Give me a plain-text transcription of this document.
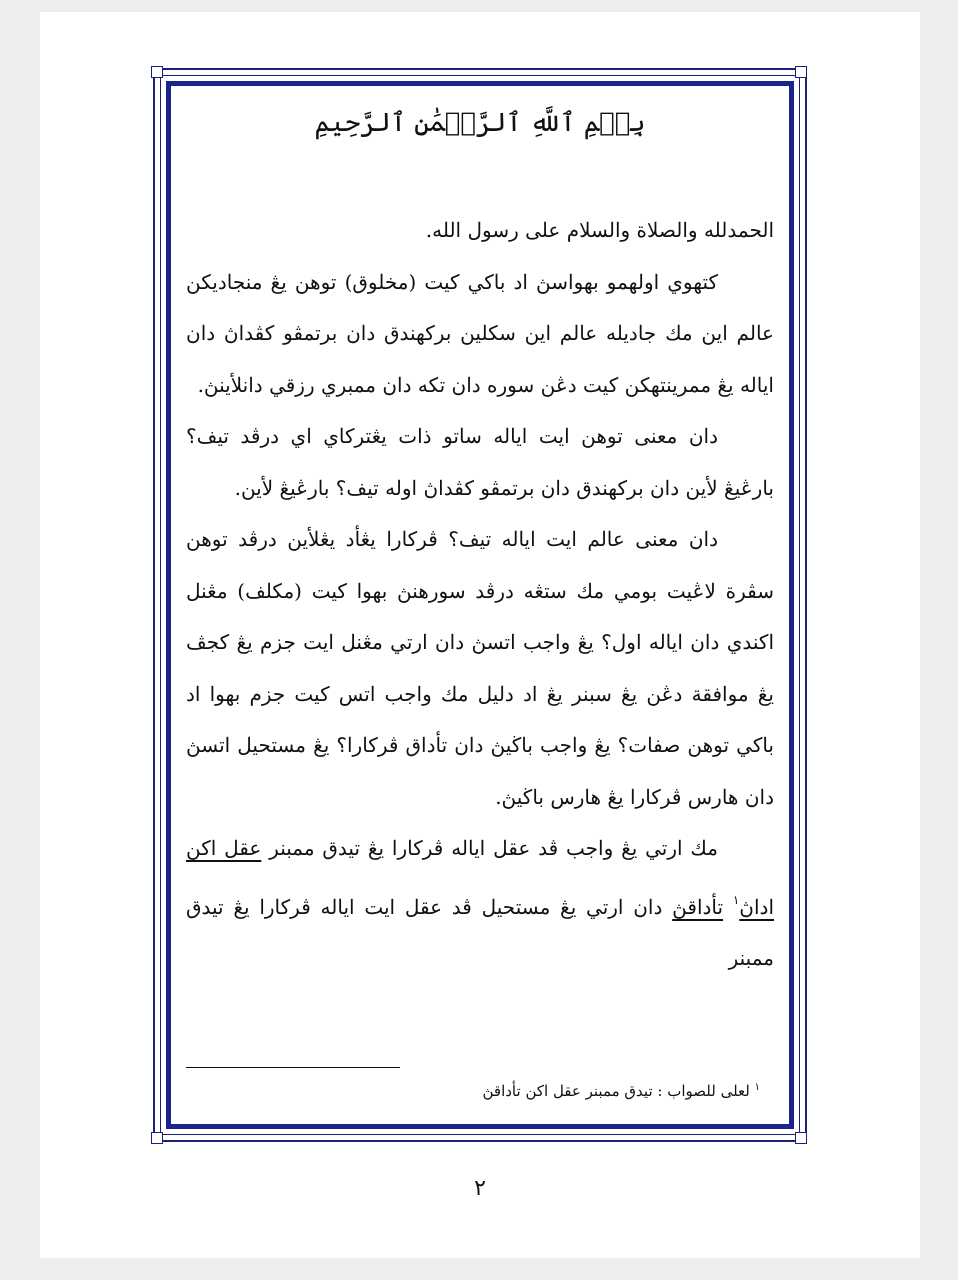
بِسۡمِ ٱللَّهِ ٱلرَّحۡمَٰنِ ٱلرَّحِيمِ

الحمدلله والصلاة والسلام على رسول الله.

كتهوي اولهمو بهواسڽ اد باكي كيت (مخلوق) توهن يڠ منجاديکن عالم اين مك جاديله عالم اين سكلين بركهندق دان برتمڤو كڤداڽ دان اياله يڠ ممرينتهکن كيت دڠن سوره دان تكه دان ممبري رزقي دانلأينڽ.

دان معنى توهن ايت اياله ساتو ذات يڠترکاي اي درڤد تيف؟ بارڠيڠ لأين دان بركهندق دان برتمڤو كڤداڽ اوله تيف؟ بارڠيڠ لأين.

دان معنى عالم ايت اياله تيف؟ ڤركارا يڠأد يڠلأين درڤد توهن سڤرة لاڠيت بومي مك ستڠه درڤد سورهنڽ بهوا كيت (مكلف) مڠنل اكندي دان اياله اول؟ يڠ واجب اتسڽ دان ارتي مڠنل ايت جزم يڠ كجڤ يڠ موافقة دڠن يڠ سبنر يڠ اد دليل مك واجب اتس كيت جزم بهوا اد باكي توهن صفات؟ يڠ واجب باڬيڽ دان تأداق ڤركارا؟ يڠ مستحيل اتسڽ دان هارس ڤركارا يڠ هارس باڬيڽ.

مك ارتي يڠ واجب ڤد عقل اياله ڤركارا يڠ تيدق ممبنر عقل اكن اداڽ$^١$ تأداقڽ دان ارتي يڠ مستحيل ڤد عقل ايت اياله ڤركارا يڠ تيدق ممبنر

$^١$ لعلى للصواب : تيدق ممبنر عقل اكن تأداقڽ
٢
